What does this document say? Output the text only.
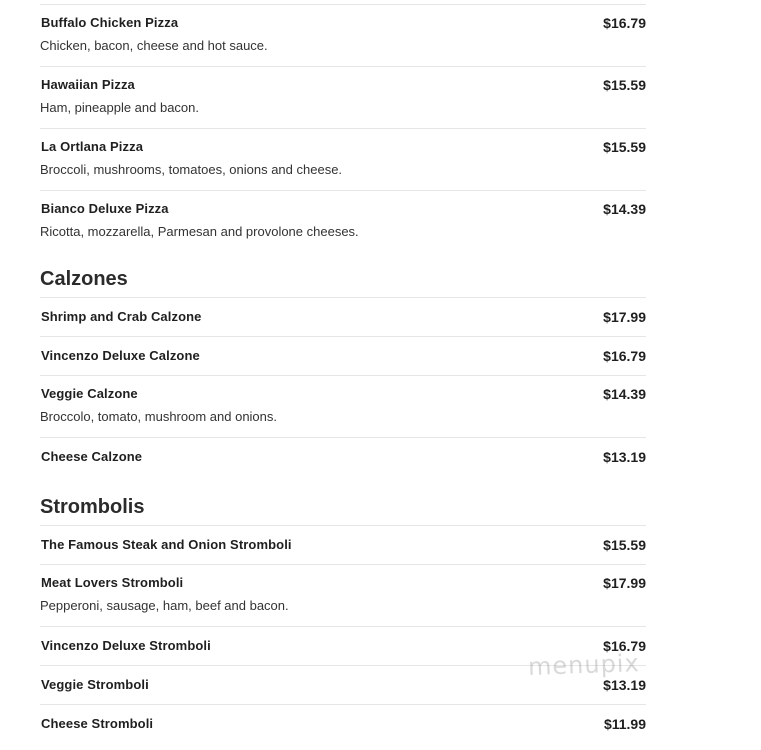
Buffalo Chicken Pizza	$16.79
Chicken, bacon, cheese and hot sauce.
Hawaiian Pizza	$15.59
Ham, pineapple and bacon.
La Ortlana Pizza	$15.59
Broccoli, mushrooms, tomatoes, onions and cheese.
Bianco Deluxe Pizza	$14.39
Ricotta, mozzarella, Parmesan and provolone cheeses.
Calzones
Shrimp and Crab Calzone	$17.99
Vincenzo Deluxe Calzone	$16.79
Veggie Calzone	$14.39
Broccolo, tomato, mushroom and onions.
Cheese Calzone	$13.19
Strombolis
The Famous Steak and Onion Stromboli	$15.59
Meat Lovers Stromboli	$17.99
Pepperoni, sausage, ham, beef and bacon.
Vincenzo Deluxe Stromboli	$16.79
Veggie Stromboli	$13.19
Cheese Stromboli	$11.99
menupix
